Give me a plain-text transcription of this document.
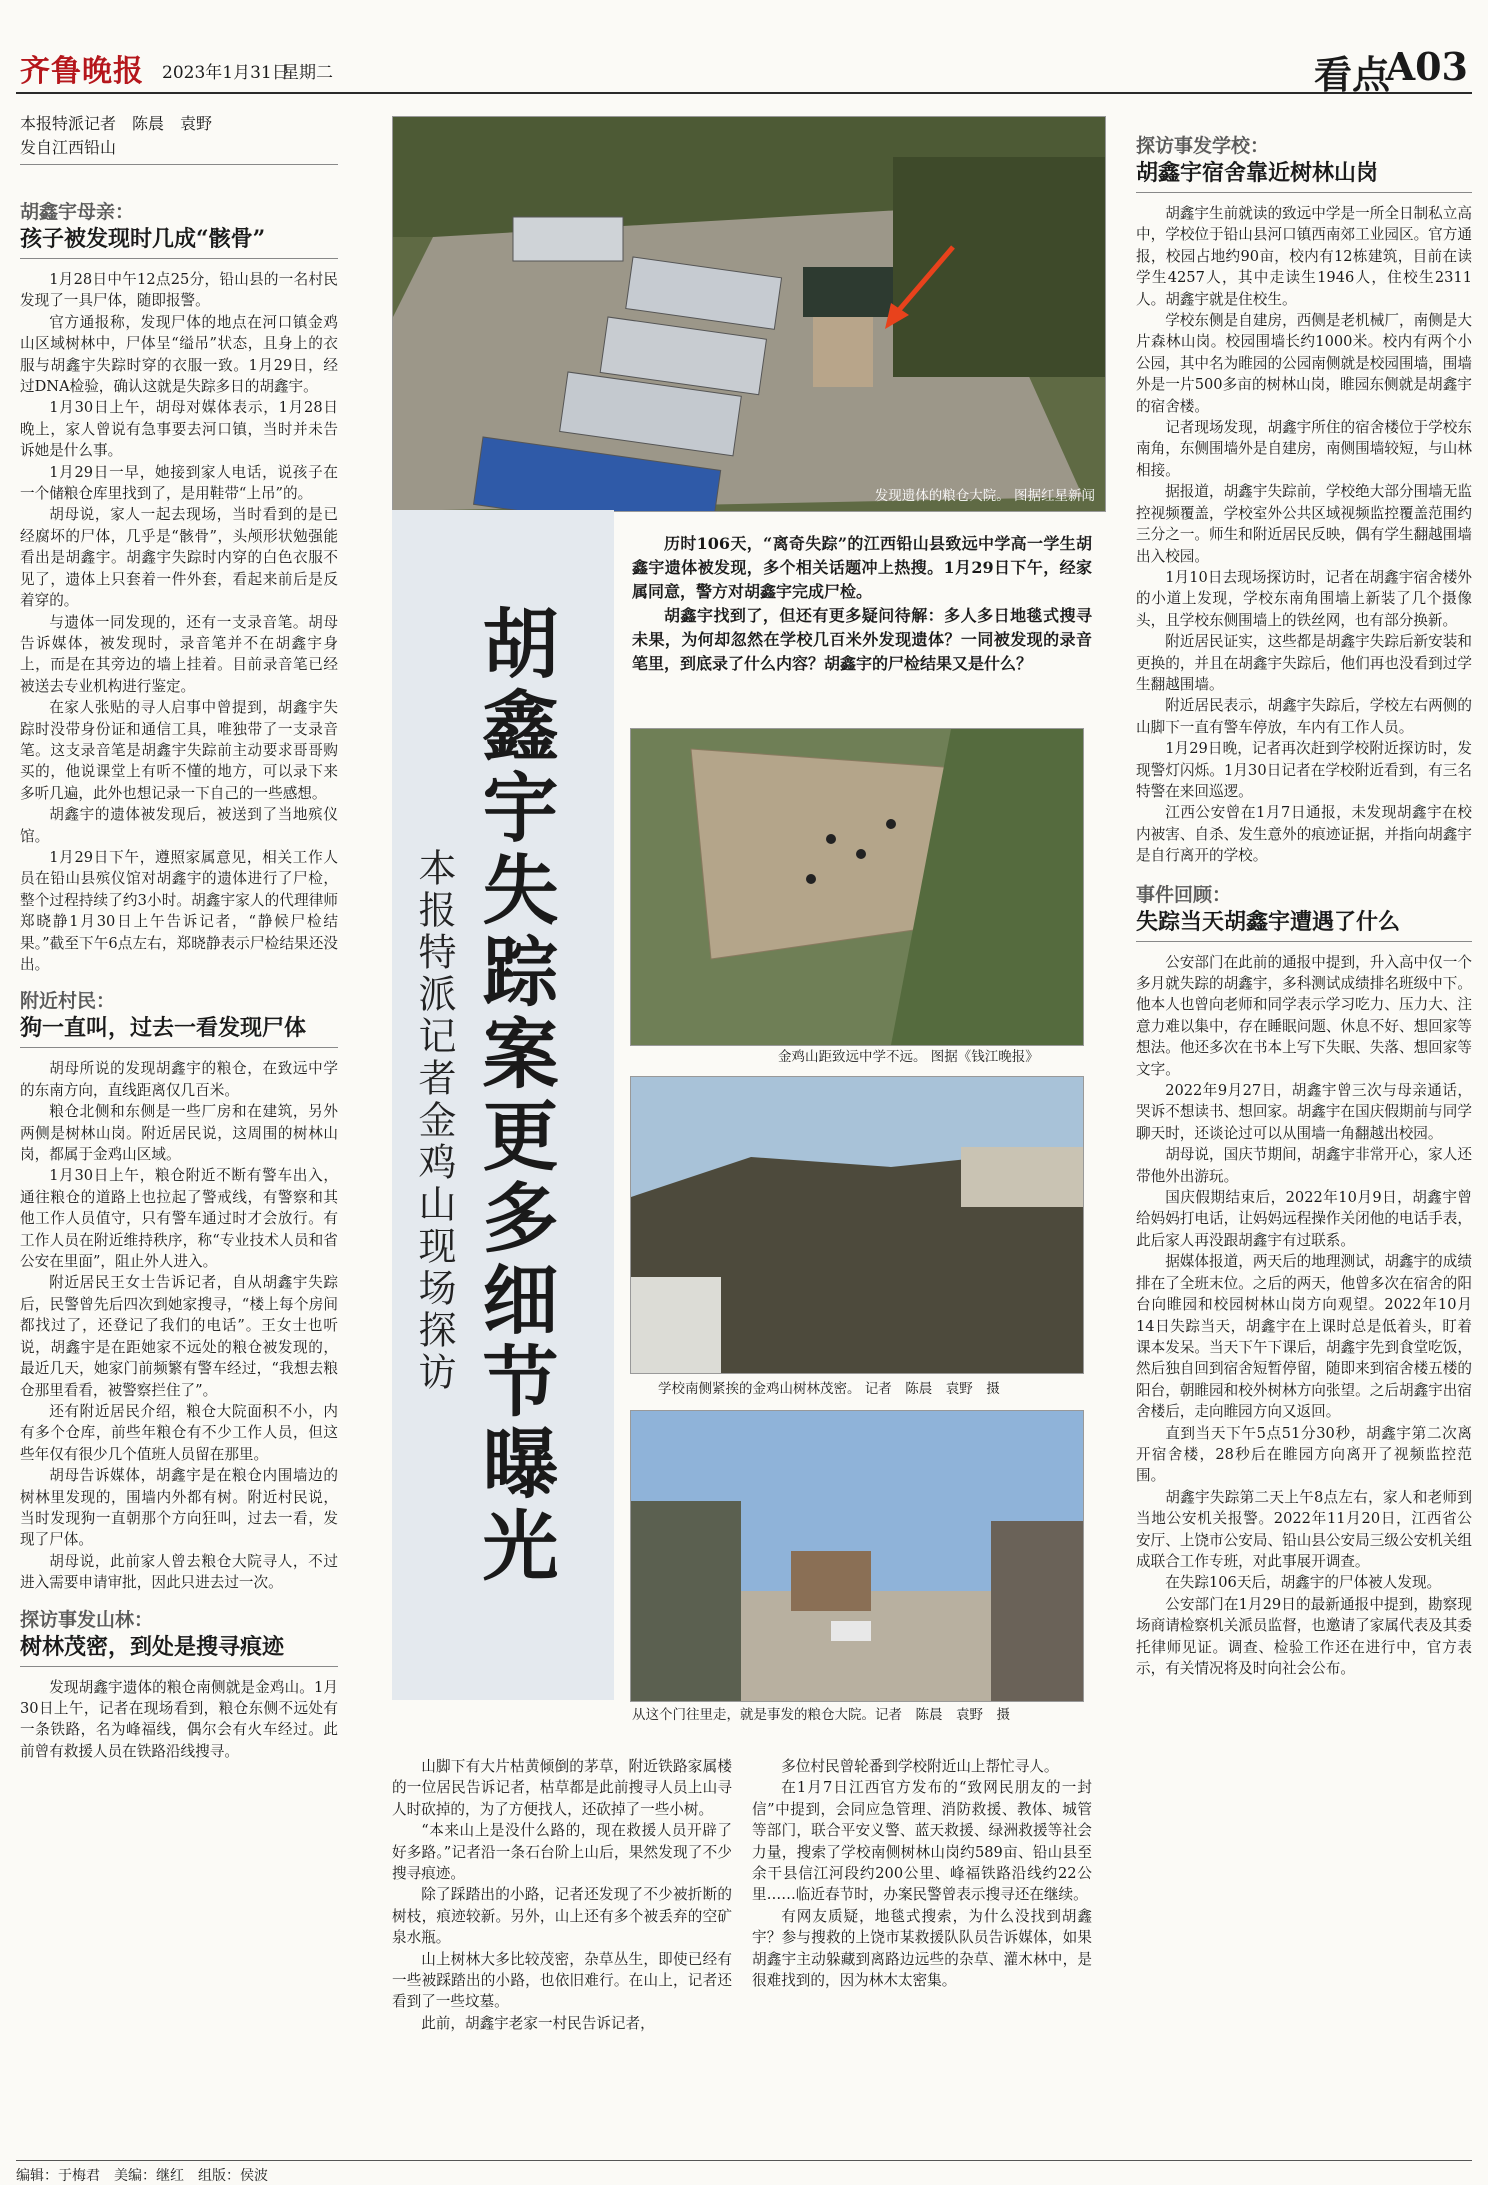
齐鲁晚报 2023年1月31日
星期二	看点
A03
本报特派记者　陈晨　袁野
发自江西铅山
胡鑫宇母亲：
孩子被发现时几成“骸骨”

1月28日中午12点25分，铅山县的一名村民发现了一具尸体，随即报警。

官方通报称，发现尸体的地点在河口镇金鸡山区域树林中，尸体呈“缢吊”状态，且身上的衣服与胡鑫宇失踪时穿的衣服一致。1月29日，经过DNA检验，确认这就是失踪多日的胡鑫宇。

1月30日上午，胡母对媒体表示，1月28日晚上，家人曾说有急事要去河口镇，当时并未告诉她是什么事。

1月29日一早，她接到家人电话，说孩子在一个储粮仓库里找到了，是用鞋带“上吊”的。

胡母说，家人一起去现场，当时看到的是已经腐坏的尸体，几乎是“骸骨”，头颅形状勉强能看出是胡鑫宇。胡鑫宇失踪时内穿的白色衣服不见了，遗体上只套着一件外套，看起来前后是反着穿的。

与遗体一同发现的，还有一支录音笔。胡母告诉媒体，被发现时，录音笔并不在胡鑫宇身上，而是在其旁边的墙上挂着。目前录音笔已经被送去专业机构进行鉴定。

在家人张贴的寻人启事中曾提到，胡鑫宇失踪时没带身份证和通信工具，唯独带了一支录音笔。这支录音笔是胡鑫宇失踪前主动要求哥哥购买的，他说课堂上有听不懂的地方，可以录下来多听几遍，此外也想记录一下自己的一些感想。

胡鑫宇的遗体被发现后，被送到了当地殡仪馆。

1月29日下午，遵照家属意见，相关工作人员在铅山县殡仪馆对胡鑫宇的遗体进行了尸检，整个过程持续了约3小时。胡鑫宇家人的代理律师郑晓静1月30日上午告诉记者，“静候尸检结果。”截至下午6点左右，郑晓静表示尸检结果还没出。

附近村民：
狗一直叫，过去一看发现尸体

胡母所说的发现胡鑫宇的粮仓，在致远中学的东南方向，直线距离仅几百米。

粮仓北侧和东侧是一些厂房和在建筑，另外两侧是树林山岗。附近居民说，这周围的树林山岗，都属于金鸡山区域。

1月30日上午，粮仓附近不断有警车出入，通往粮仓的道路上也拉起了警戒线，有警察和其他工作人员值守，只有警车通过时才会放行。有工作人员在附近维持秩序，称“专业技术人员和省公安在里面”，阻止外人进入。

附近居民王女士告诉记者，自从胡鑫宇失踪后，民警曾先后四次到她家搜寻，“楼上每个房间都找过了，还登记了我们的电话”。王女士也听说，胡鑫宇是在距她家不远处的粮仓被发现的，最近几天，她家门前频繁有警车经过，“我想去粮仓那里看看，被警察拦住了”。

还有附近居民介绍，粮仓大院面积不小，内有多个仓库，前些年粮仓有不少工作人员，但这些年仅有很少几个值班人员留在那里。

胡母告诉媒体，胡鑫宇是在粮仓内围墙边的树林里发现的，围墙内外都有树。附近村民说，当时发现狗一直朝那个方向狂叫，过去一看，发现了尸体。

胡母说，此前家人曾去粮仓大院寻人，不过进入需要申请审批，因此只进去过一次。

探访事发山林：
树林茂密，到处是搜寻痕迹

发现胡鑫宇遗体的粮仓南侧就是金鸡山。1月30日上午，记者在现场看到，粮仓东侧不远处有一条铁路，名为峰福线，偶尔会有火车经过。此前曾有救援人员在铁路沿线搜寻。

发现遗体的粮仓大院。 图据红星新闻
胡鑫宇失踪案更多细节曝光
本报特派记者金鸡山现场探访

历时106天，“离奇失踪”的江西铅山县致远中学高一学生胡鑫宇遗体被发现，多个相关话题冲上热搜。1月29日下午，经家属同意，警方对胡鑫宇完成尸检。

胡鑫宇找到了，但还有更多疑问待解：多人多日地毯式搜寻未果，为何却忽然在学校几百米外发现遗体？一同被发现的录音笔里，到底录了什么内容？胡鑫宇的尸检结果又是什么？

金鸡山距致远中学不远。 图据《钱江晚报》
学校南侧紧挨的金鸡山树林茂密。 记者　陈晨　袁野　摄
从这个门往里走，就是事发的粮仓大院。记者　陈晨　袁野　摄

山脚下有大片枯黄倾倒的茅草，附近铁路家属楼的一位居民告诉记者，枯草都是此前搜寻人员上山寻人时砍掉的，为了方便找人，还砍掉了一些小树。

“本来山上是没什么路的，现在救援人员开辟了好多路。”记者沿一条石台阶上山后，果然发现了不少搜寻痕迹。

除了踩踏出的小路，记者还发现了不少被折断的树枝，痕迹较新。另外，山上还有多个被丢弃的空矿泉水瓶。

山上树林大多比较茂密，杂草丛生，即使已经有一些被踩踏出的小路，也依旧难行。在山上，记者还看到了一些坟墓。

此前，胡鑫宇老家一村民告诉记者，

多位村民曾轮番到学校附近山上帮忙寻人。

在1月7日江西官方发布的“致网民朋友的一封信”中提到，会同应急管理、消防救援、教体、城管等部门，联合平安义警、蓝天救援、绿洲救援等社会力量，搜索了学校南侧树林山岗约589亩、铅山县至余干县信江河段约200公里、峰福铁路沿线约22公里……临近春节时，办案民警曾表示搜寻还在继续。

有网友质疑，地毯式搜索，为什么没找到胡鑫宇？参与搜救的上饶市某救援队队员告诉媒体，如果胡鑫宇主动躲藏到离路边远些的杂草、灌木林中，是很难找到的，因为林木太密集。

探访事发学校：
胡鑫宇宿舍靠近树林山岗

胡鑫宇生前就读的致远中学是一所全日制私立高中，学校位于铅山县河口镇西南郊工业园区。官方通报，校园占地约90亩，校内有12栋建筑，目前在读学生4257人，其中走读生1946人，住校生2311人。胡鑫宇就是住校生。

学校东侧是自建房，西侧是老机械厂，南侧是大片森林山岗。校园围墙长约1000米。校内有两个小公园，其中名为睢园的公园南侧就是校园围墙，围墙外是一片500多亩的树林山岗，睢园东侧就是胡鑫宇的宿舍楼。

记者现场发现，胡鑫宇所住的宿舍楼位于学校东南角，东侧围墙外是自建房，南侧围墙较短，与山林相接。

据报道，胡鑫宇失踪前，学校绝大部分围墙无监控视频覆盖，学校室外公共区域视频监控覆盖范围约三分之一。师生和附近居民反映，偶有学生翻越围墙出入校园。

1月10日去现场探访时，记者在胡鑫宇宿舍楼外的小道上发现，学校东南角围墙上新装了几个摄像头，且学校东侧围墙上的铁丝网，也有部分换新。

附近居民证实，这些都是胡鑫宇失踪后新安装和更换的，并且在胡鑫宇失踪后，他们再也没看到过学生翻越围墙。

附近居民表示，胡鑫宇失踪后，学校左右两侧的山脚下一直有警车停放，车内有工作人员。

1月29日晚，记者再次赶到学校附近探访时，发现警灯闪烁。1月30日记者在学校附近看到，有三名特警在来回巡逻。

江西公安曾在1月7日通报，未发现胡鑫宇在校内被害、自杀、发生意外的痕迹证据，并指向胡鑫宇是自行离开的学校。

事件回顾：
失踪当天胡鑫宇遭遇了什么

公安部门在此前的通报中提到，升入高中仅一个多月就失踪的胡鑫宇，多科测试成绩排名班级中下。他本人也曾向老师和同学表示学习吃力、压力大、注意力难以集中，存在睡眠问题、休息不好、想回家等想法。他还多次在书本上写下失眠、失落、想回家等文字。

2022年9月27日，胡鑫宇曾三次与母亲通话，哭诉不想读书、想回家。胡鑫宇在国庆假期前与同学聊天时，还谈论过可以从围墙一角翻越出校园。

胡母说，国庆节期间，胡鑫宇非常开心，家人还带他外出游玩。

国庆假期结束后，2022年10月9日，胡鑫宇曾给妈妈打电话，让妈妈远程操作关闭他的电话手表，此后家人再没跟胡鑫宇有过联系。

据媒体报道，两天后的地理测试，胡鑫宇的成绩排在了全班末位。之后的两天，他曾多次在宿舍的阳台向睢园和校园树林山岗方向观望。2022年10月14日失踪当天，胡鑫宇在上课时总是低着头，盯着课本发呆。当天下午下课后，胡鑫宇先到食堂吃饭，然后独自回到宿舍短暂停留，随即来到宿舍楼五楼的阳台，朝睢园和校外树林方向张望。之后胡鑫宇出宿舍楼后，走向睢园方向又返回。

直到当天下午5点51分30秒，胡鑫宇第二次离开宿舍楼，28秒后在睢园方向离开了视频监控范围。

胡鑫宇失踪第二天上午8点左右，家人和老师到当地公安机关报警。2022年11月20日，江西省公安厅、上饶市公安局、铅山县公安局三级公安机关组成联合工作专班，对此事展开调查。

在失踪106天后，胡鑫宇的尸体被人发现。

公安部门在1月29日的最新通报中提到，勘察现场商请检察机关派员监督，也邀请了家属代表及其委托律师见证。调查、检验工作还在进行中，官方表示，有关情况将及时向社会公布。

编辑：于梅君　美编：继红　组版：侯波
